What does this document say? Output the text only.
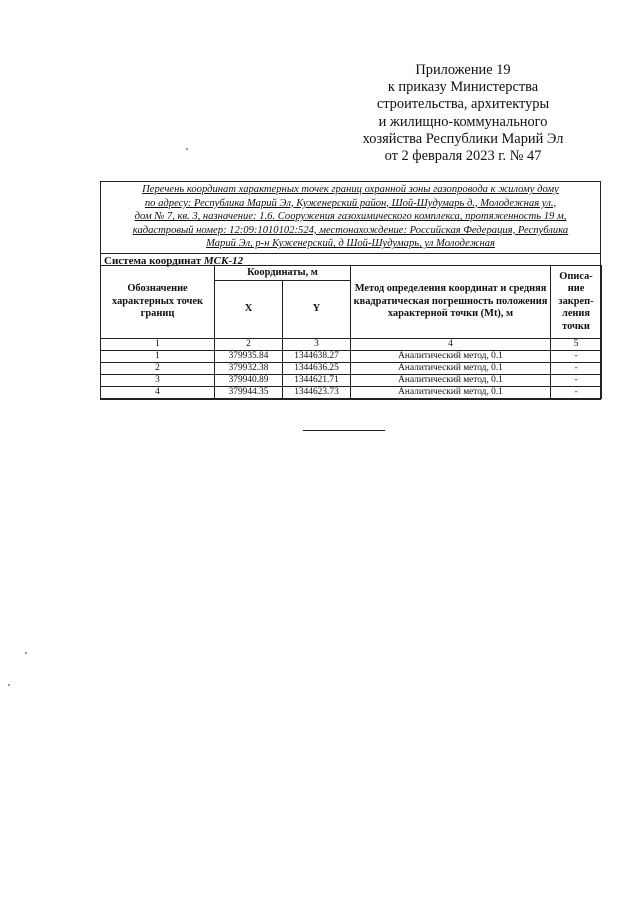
Приложение 19
к приказу Министерства
строительства, архитектуры
и жилищно-коммунального
хозяйства Республики Марий Эл
от 2 февраля 2023 г. № 47
Перечень координат характерных точек границ охранной зоны газопровода к жилому дому
по адресу: Республика Марий Эл, Куженерский район, Шой-Шудумарь д., Молодежная ул.,
дом № 7, кв. 3, назначение: 1.6. Сооружения газохимического комплекса, протяженность 19 м,
кадастровый номер: 12:09:1010102:524, местонахождение: Российская Федерация, Республика
Марий Эл, р-н Куженерский, д Шой-Шудумарь, ул Молодежная
Система координат МСК-12
Обозначение характерных точек границ	Координаты, м		Метод определения координат и средняя квадратическая погрешность положения характерной точки (Mt), м	Описа-ние закреп-ления точки
	X	Y		
1	2	3	4	5
1	379935.84	1344638.27	Аналитический метод, 0.1	-
2	379932.38	1344636.25	Аналитический метод, 0.1	-
3	379940.89	1344621.71	Аналитический метод, 0.1	-
4	379944.35	1344623.73	Аналитический метод, 0.1	-
